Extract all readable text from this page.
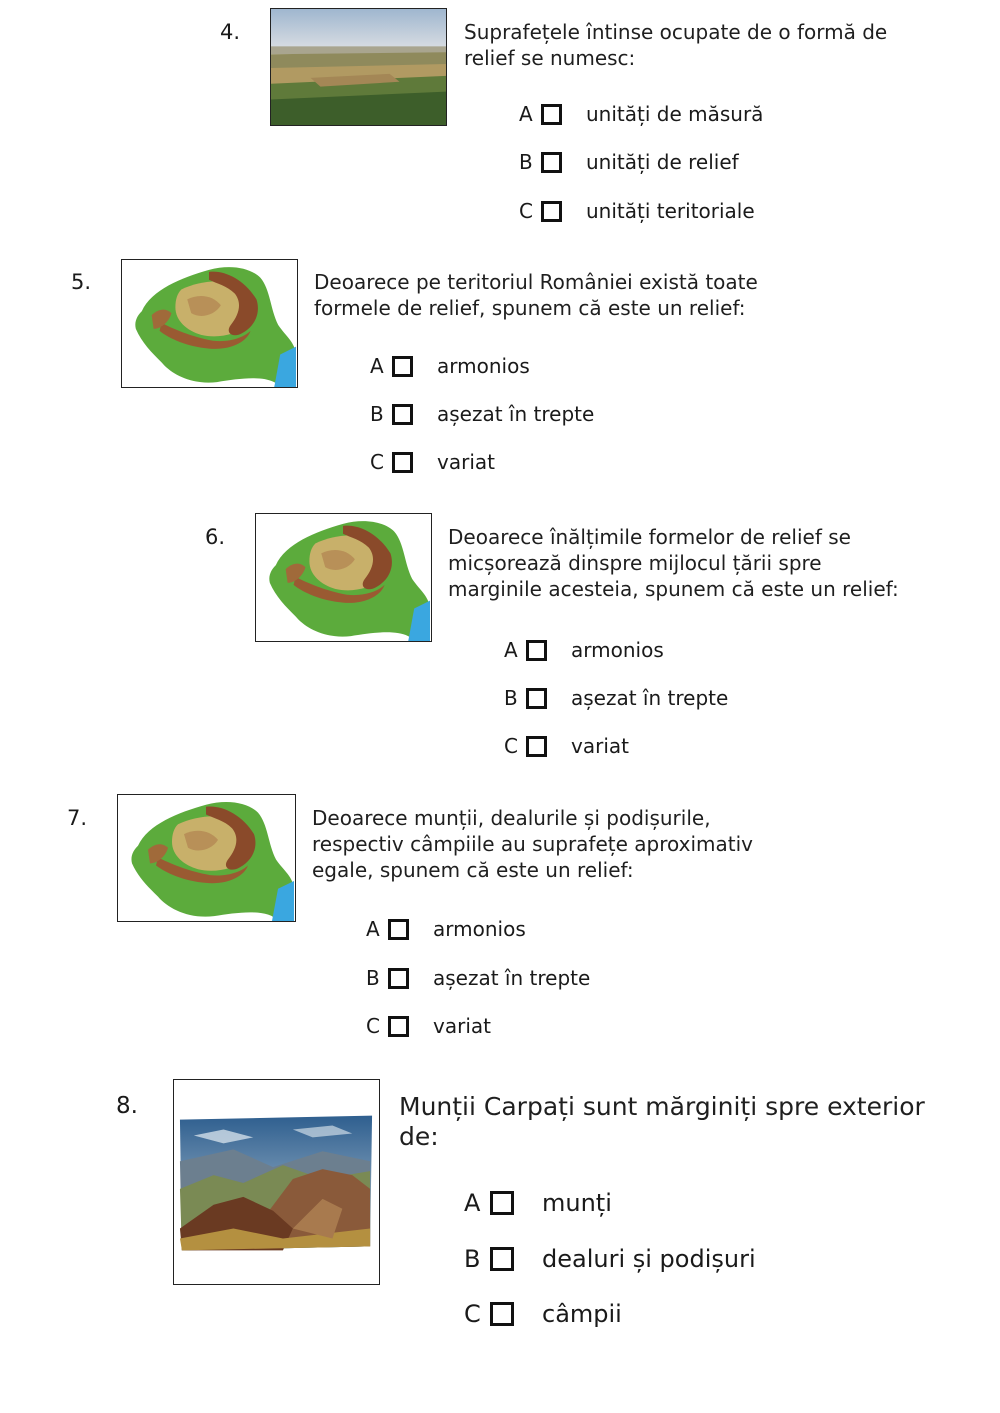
4.	Suprafețele întinse ocupate de o formă de
relief se numesc:
A	unități de măsură
B	unități de relief
C	unități teritoriale
5.	Deoarece pe teritoriul României există toate
formele de relief, spunem că este un relief:
A	armonios
B	așezat în trepte
C	variat
6.	Deoarece înălțimile formelor de relief se
micșorează dinspre mijlocul țării spre
marginile acesteia, spunem că este un relief:
A	armonios
B	așezat în trepte
C	variat
7.	Deoarece munții, dealurile și podișurile,
respectiv câmpiile au suprafețe aproximativ
egale, spunem că este un relief:
A	armonios
B	așezat în trepte
C	variat
8.	Munții Carpați sunt mărginiți spre exterior
de:
A	munți
B	dealuri și podișuri
C	câmpii
